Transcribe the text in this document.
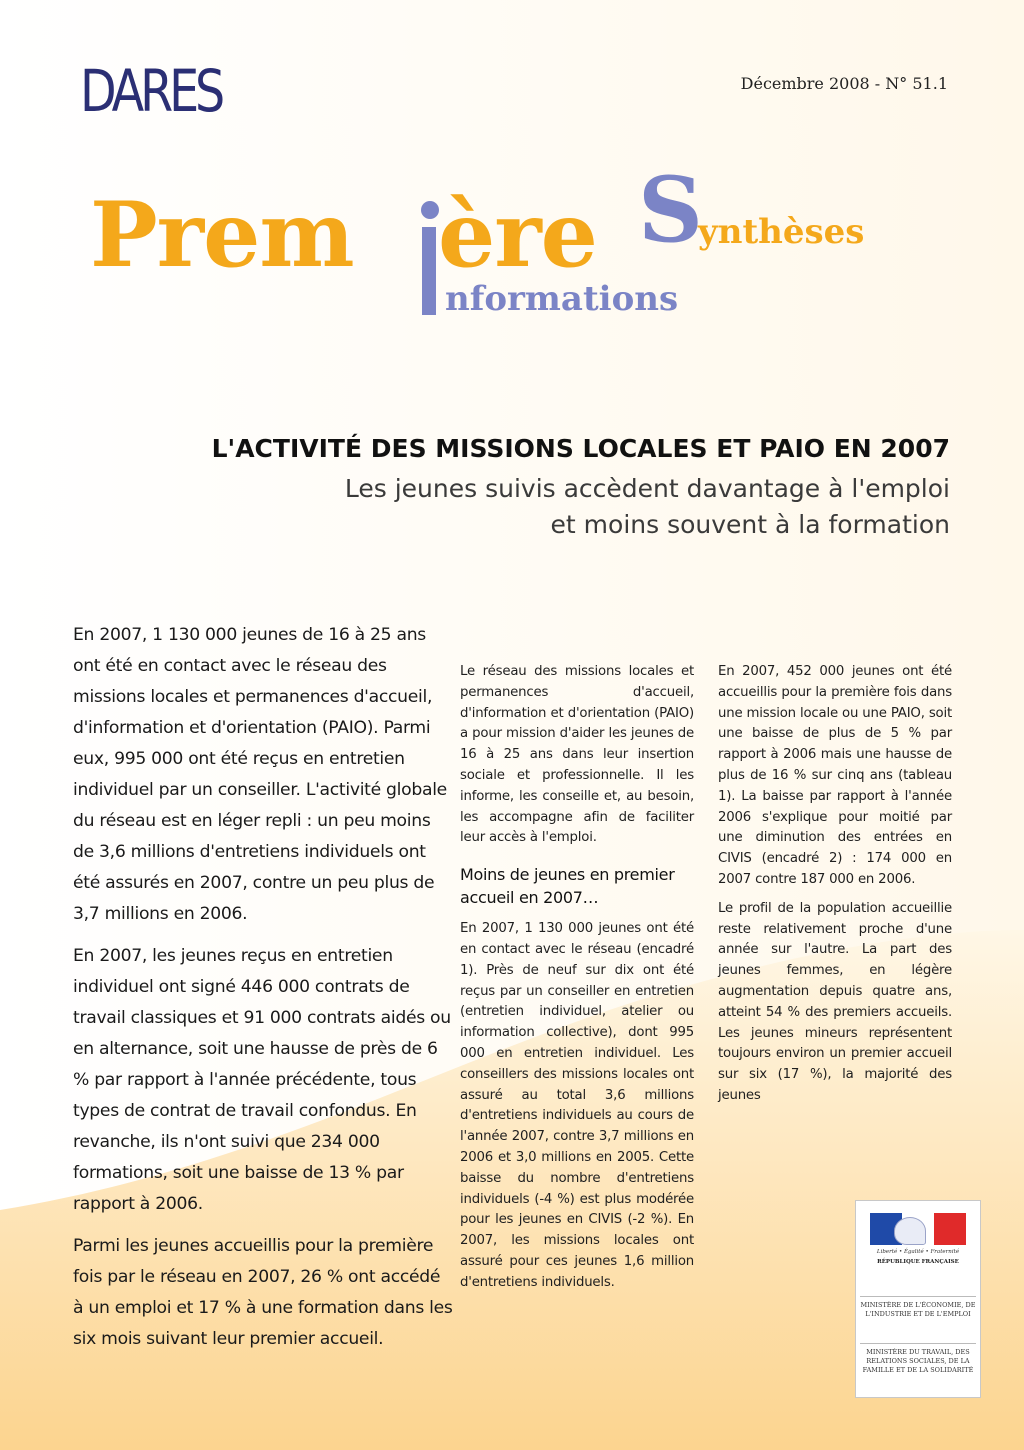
DARES	Décembre 2008 - N° 51.1
Prem ère S
ynthèses
nformations
L'ACTIVITÉ DES MISSIONS LOCALES ET PAIO EN 2007
Les jeunes suivis accèdent davantage à l'emploi
et moins souvent à la formation

En 2007, 1 130 000 jeunes de 16 à 25 ans ont été en contact avec le réseau des missions locales et permanences d'accueil, d'information et d'orientation (PAIO). Parmi eux, 995 000 ont été reçus en entretien individuel par un conseiller. L'activité globale du réseau est en léger repli : un peu moins de 3,6 millions d'entretiens individuels ont été assurés en 2007, contre un peu plus de 3,7 millions en 2006.

En 2007, les jeunes reçus en entretien individuel ont signé 446 000 contrats de travail classiques et 91 000 contrats aidés ou en alternance, soit une hausse de près de 6 % par rapport à l'année précédente, tous types de contrat de travail confondus. En revanche, ils n'ont suivi que 234 000 formations, soit une baisse de 13 % par rapport à 2006.

Parmi les jeunes accueillis pour la première fois par le réseau en 2007, 26 % ont accédé à un emploi et 17 % à une formation dans les six mois suivant leur premier accueil.

Le réseau des missions locales et permanences d'accueil, d'information et d'orientation (PAIO) a pour mission d'aider les jeunes de 16 à 25 ans dans leur insertion sociale et professionnelle. Il les informe, les conseille et, au besoin, les accompagne afin de faciliter leur accès à l'emploi.

Moins de jeunes en premier accueil en 2007…

En 2007, 1 130 000 jeunes ont été en contact avec le réseau (encadré 1). Près de neuf sur dix ont été reçus par un conseiller en entretien (entretien individuel, atelier ou information collective), dont 995 000 en entretien individuel. Les conseillers des missions locales ont assuré au total 3,6 millions d'entretiens individuels au cours de l'année 2007, contre 3,7 millions en 2006 et 3,0 millions en 2005. Cette baisse du nombre d'entretiens individuels (-4 %) est plus modérée pour les jeunes en CIVIS (-2 %). En 2007, les missions locales ont assuré pour ces jeunes 1,6 million d'entretiens individuels.

En 2007, 452 000 jeunes ont été accueillis pour la première fois dans une mission locale ou une PAIO, soit une baisse de plus de 5 % par rapport à 2006 mais une hausse de plus de 16 % sur cinq ans (tableau 1). La baisse par rapport à l'année 2006 s'explique pour moitié par une diminution des entrées en CIVIS (encadré 2) : 174 000 en 2007 contre 187 000 en 2006.

Le profil de la population accueillie reste relativement proche d'une année sur l'autre. La part des jeunes femmes, en légère augmentation depuis quatre ans, atteint 54 % des premiers accueils. Les jeunes mineurs représentent toujours environ un premier accueil sur six (17 %), la majorité des jeunes

Liberté • Égalité • Fraternité
RÉPUBLIQUE FRANÇAISE
MINISTÈRE DE L'ÉCONOMIE, DE L'INDUSTRIE ET DE L'EMPLOI
MINISTÈRE DU TRAVAIL, DES RELATIONS SOCIALES, DE LA FAMILLE ET DE LA SOLIDARITÉ
